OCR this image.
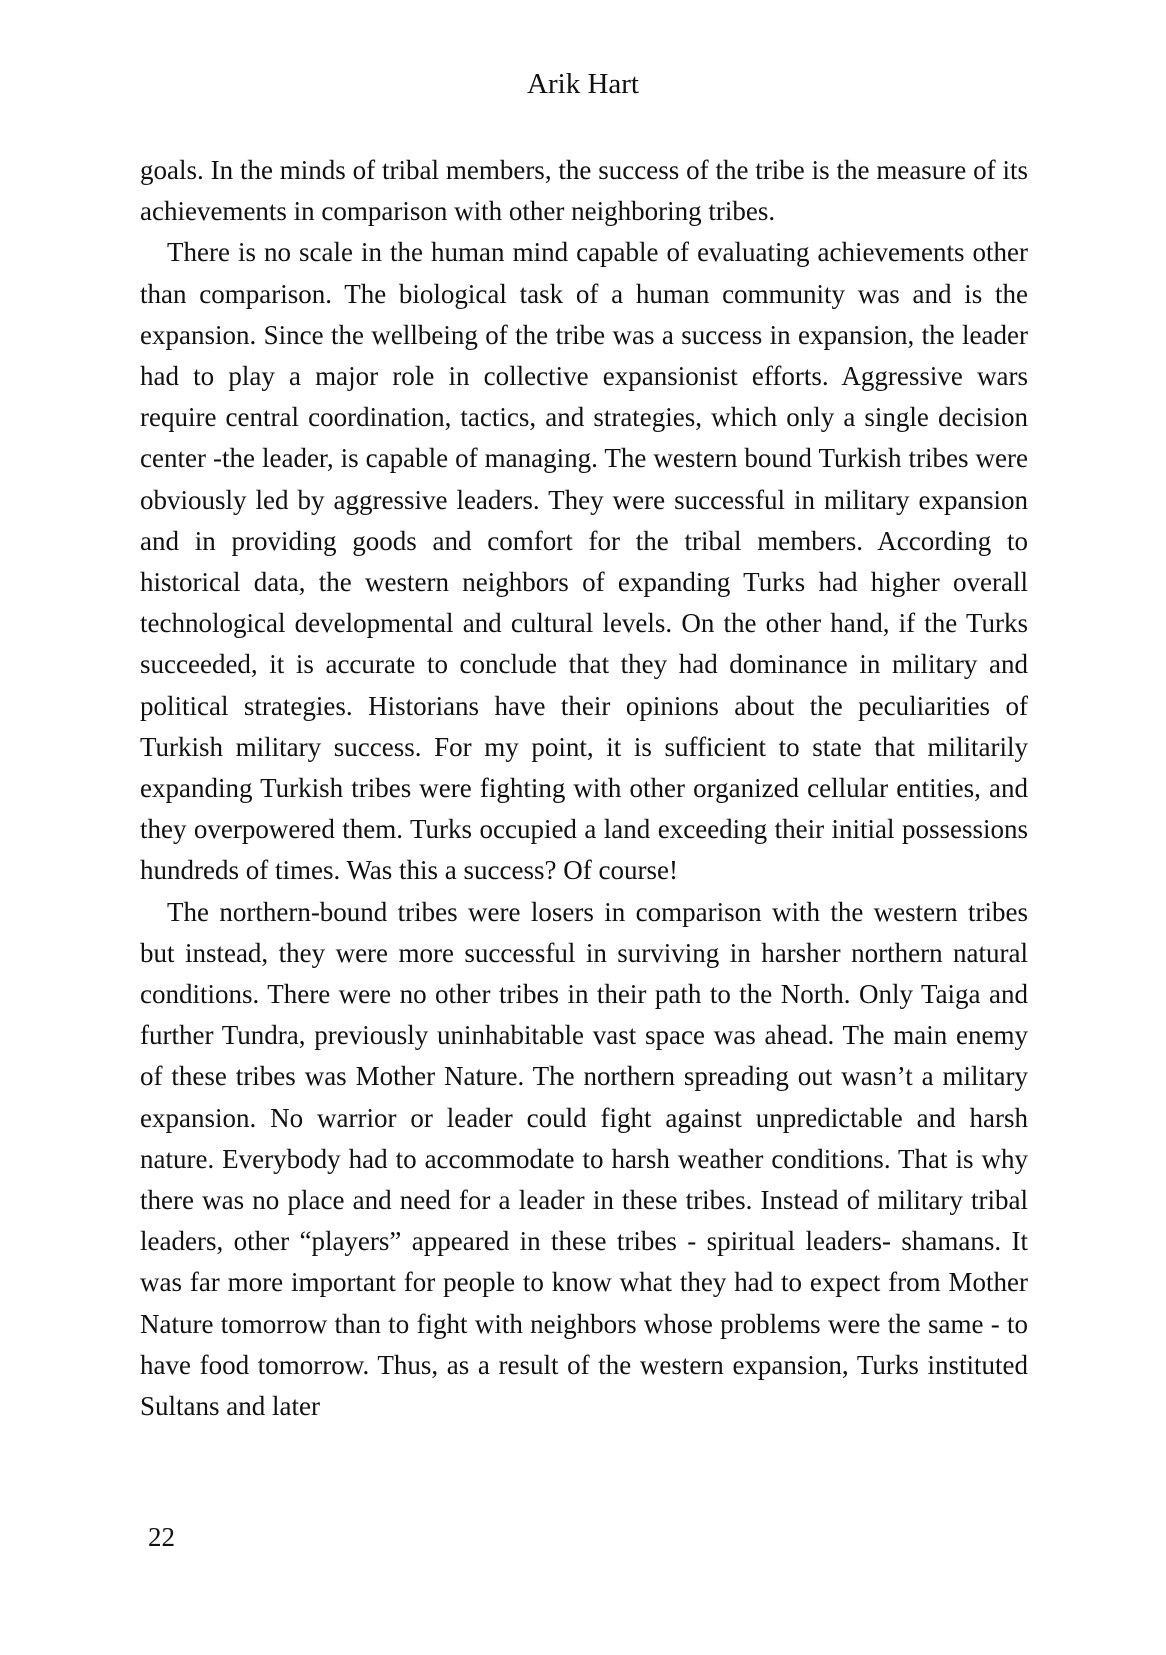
Arik Hart

goals. In the minds of tribal members, the success of the tribe is the measure of its achievements in comparison with other neighboring tribes.

There is no scale in the human mind capable of evaluating achievements other than comparison. The biological task of a human community was and is the expansion. Since the wellbeing of the tribe was a success in expansion, the leader had to play a major role in collective expansionist efforts. Aggressive wars require central coordination, tactics, and strategies, which only a single decision center -the leader, is capable of managing. The western bound Turkish tribes were obviously led by aggressive leaders. They were successful in military expansion and in providing goods and comfort for the tribal members. According to historical data, the western neighbors of expanding Turks had higher overall technological developmental and cultural levels. On the other hand, if the Turks succeeded, it is accurate to conclude that they had dominance in military and political strategies. Historians have their opinions about the peculiarities of Turkish military success. For my point, it is sufficient to state that militarily expanding Turkish tribes were fighting with other organized cellular entities, and they overpowered them. Turks occupied a land exceeding their initial possessions hundreds of times. Was this a success? Of course!

The northern-bound tribes were losers in comparison with the western tribes but instead, they were more successful in surviving in harsher northern natural conditions. There were no other tribes in their path to the North. Only Taiga and further Tundra, previously uninhabitable vast space was ahead. The main enemy of these tribes was Mother Nature. The northern spreading out wasn’t a military expansion. No warrior or leader could fight against unpredictable and harsh nature. Everybody had to accommodate to harsh weather conditions. That is why there was no place and need for a leader in these tribes. Instead of military tribal leaders, other “players” appeared in these tribes - spiritual leaders- shamans. It was far more important for people to know what they had to expect from Mother Nature tomorrow than to fight with neighbors whose problems were the same - to have food tomorrow. Thus, as a result of the western expansion, Turks instituted Sultans and later

22
